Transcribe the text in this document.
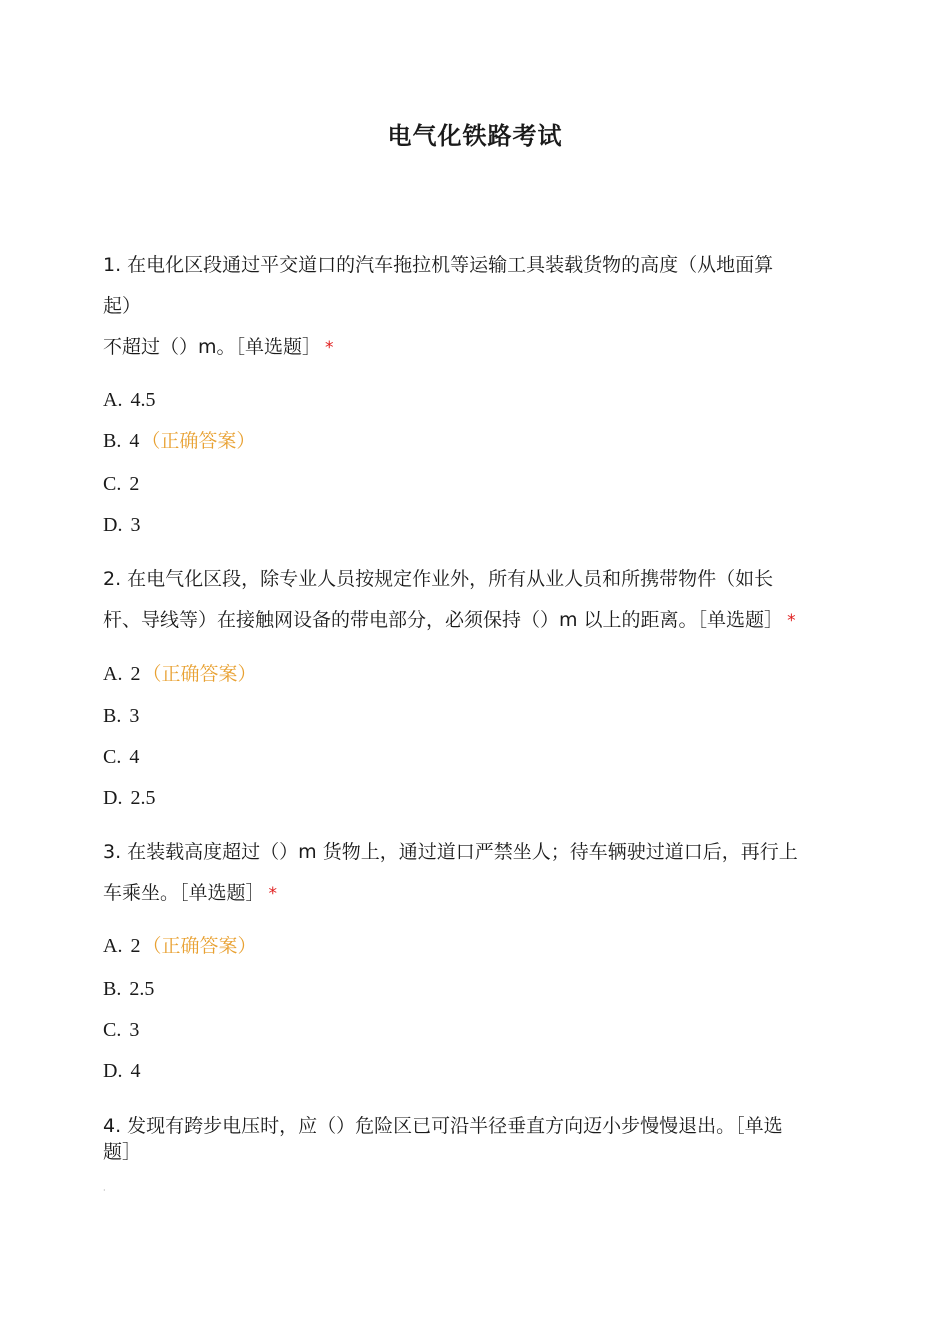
电气化铁路考试
1. 在电化区段通过平交道口的汽车拖拉机等运输工具装载货物的高度（从地面算
起）
不超过（）m。［单选题］ *
A. 4.5
B. 4 （正确答案）
C. 2
D. 3
2. 在电气化区段，除专业人员按规定作业外，所有从业人员和所携带物件（如长
杆、导线等）在接触网设备的带电部分，必须保持（）m 以上的距离。［单选题］ *
A. 2 （正确答案）
B. 3
C. 4
D. 2.5
3. 在装载高度超过（）m 货物上，通过道口严禁坐人；待车辆驶过道口后，再行上
车乘坐。［单选题］ *
A. 2 （正确答案）
B. 2.5
C. 3
D. 4
4. 发现有跨步电压时，应（）危险区已可沿半径垂直方向迈小步慢慢退出。［单选
题］
·
